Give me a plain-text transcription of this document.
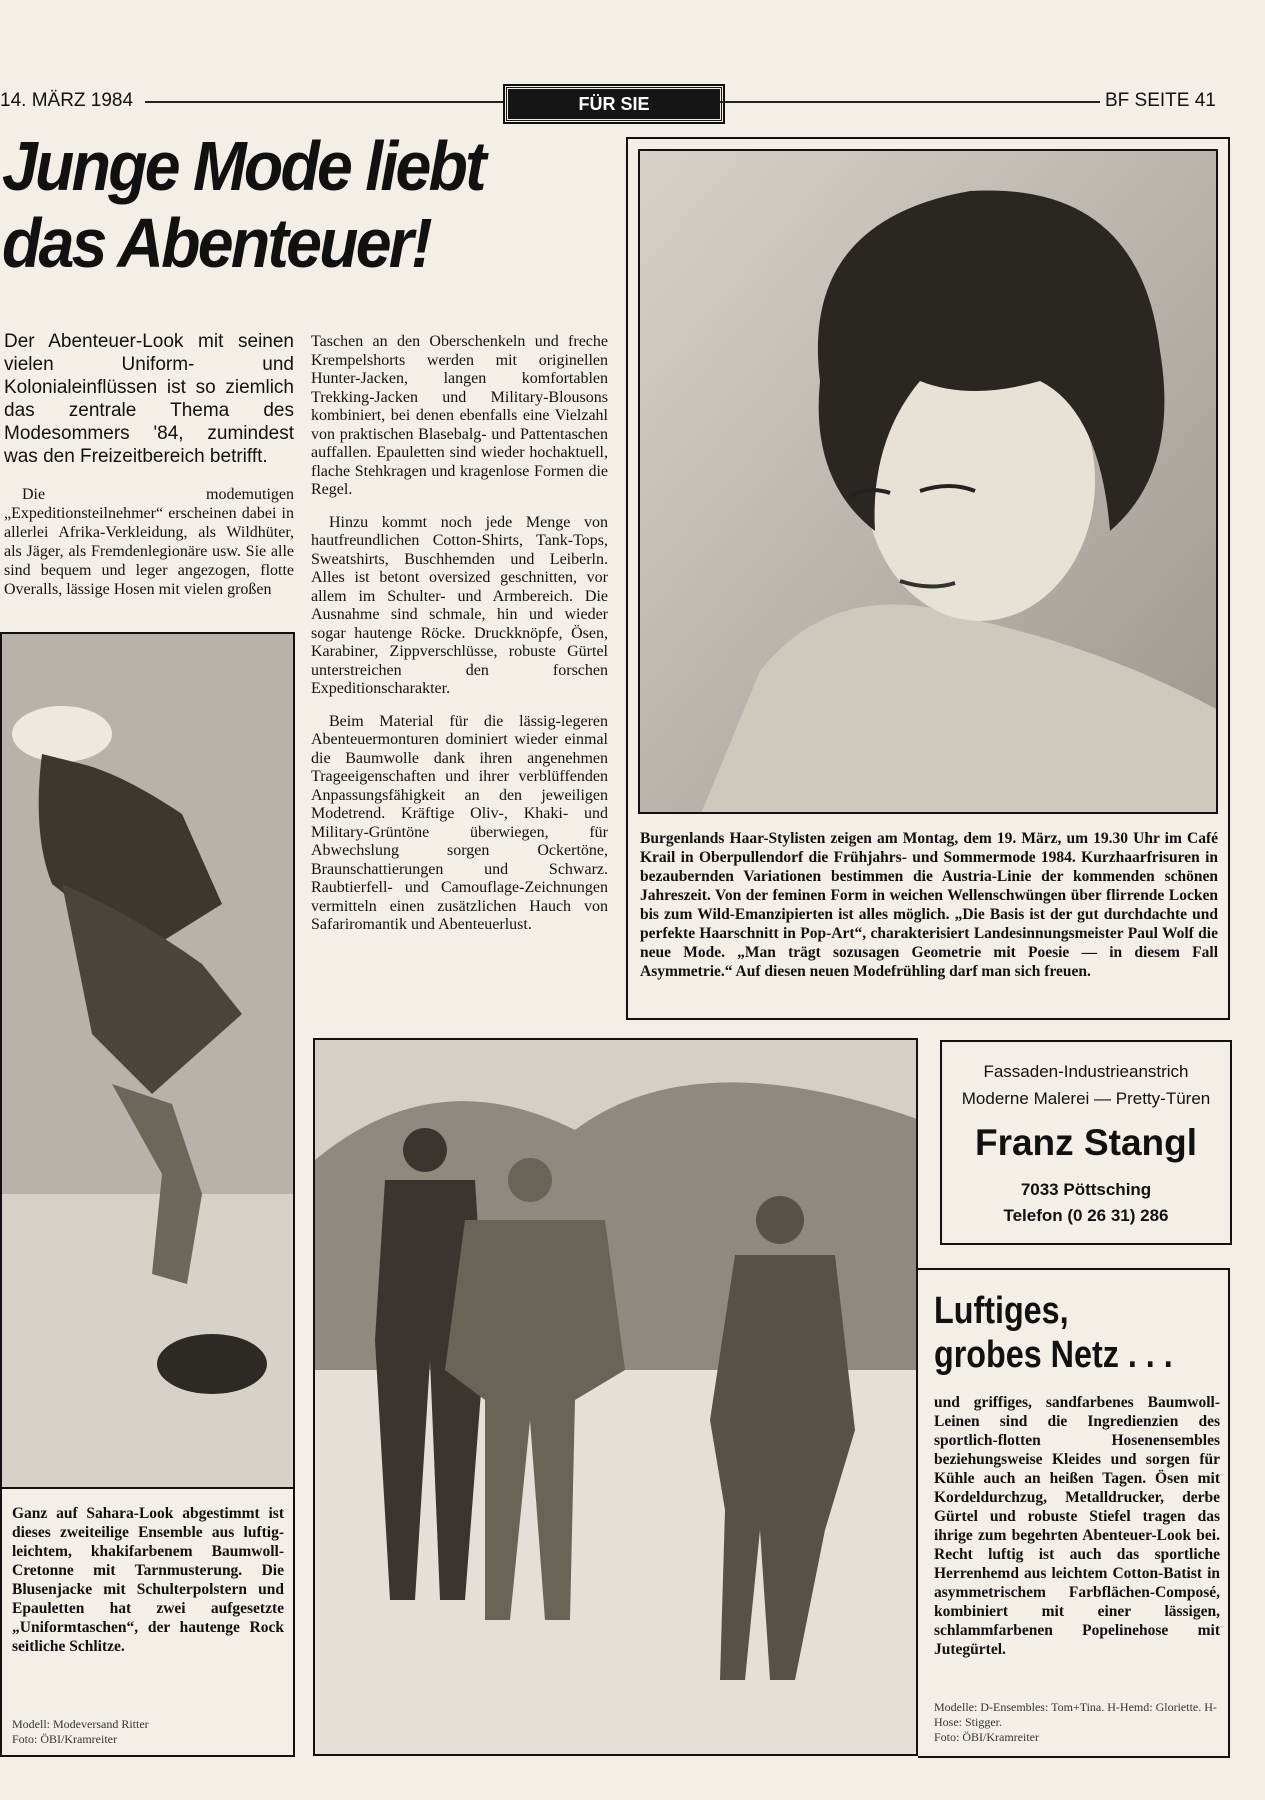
14. MÄRZ 1984	FÜR SIE	BF SEITE 41
Junge Mode liebt
das Abenteuer!

Der Abenteuer-Look mit seinen vielen Uniform- und Kolonialeinflüssen ist so ziemlich das zentrale Thema des Modesommers '84, zumindest was den Freizeitbereich betrifft.

Die modemutigen „Expeditionsteilnehmer“ erscheinen dabei in allerlei Afrika-Verkleidung, als Wildhüter, als Jäger, als Fremdenlegionäre usw. Sie alle sind bequem und leger angezogen, flotte Overalls, lässige Hosen mit vielen großen

Taschen an den Oberschenkeln und freche Krempelshorts werden mit originellen Hunter-Jacken, langen komfortablen Trekking-Jacken und Military-Blousons kombiniert, bei denen ebenfalls eine Vielzahl von praktischen Blasebalg- und Pattentaschen auffallen. Epauletten sind wieder hochaktuell, flache Stehkragen und kragenlose Formen die Regel.

Hinzu kommt noch jede Menge von hautfreundlichen Cotton-Shirts, Tank-Tops, Sweatshirts, Buschhemden und Leiberln. Alles ist betont oversized geschnitten, vor allem im Schulter- und Armbereich. Die Ausnahme sind schmale, hin und wieder sogar hautenge Röcke. Druckknöpfe, Ösen, Karabiner, Zippverschlüsse, robuste Gürtel unterstreichen den forschen Expeditionscharakter.

Beim Material für die lässig-legeren Abenteuermonturen dominiert wieder einmal die Baumwolle dank ihren angenehmen Trageeigenschaften und ihrer verblüffenden Anpassungsfähigkeit an den jeweiligen Modetrend. Kräftige Oliv-, Khaki- und Military-Grüntöne überwiegen, für Abwechslung sorgen Ockertöne, Braunschattierungen und Schwarz. Raubtierfell- und Camouflage-Zeichnungen vermitteln einen zusätzlichen Hauch von Safariromantik und Abenteuerlust.

Burgenlands Haar-Stylisten zeigen am Montag, dem 19. März, um 19.30 Uhr im Café Krail in Oberpullendorf die Frühjahrs- und Sommermode 1984. Kurzhaarfrisuren in bezaubernden Variationen bestimmen die Austria-Linie der kommenden schönen Jahreszeit. Von der feminen Form in weichen Wellenschwüngen über flirrende Locken bis zum Wild-Emanzipierten ist alles möglich. „Die Basis ist der gut durchdachte und perfekte Haarschnitt in Pop-Art“, charakterisiert Landesinnungsmeister Paul Wolf die neue Mode. „Man trägt sozusagen Geometrie mit Poesie — in diesem Fall Asymmetrie.“ Auf diesen neuen Modefrühling darf man sich freuen.
Ganz auf Sahara-Look abgestimmt ist dieses zweiteilige Ensemble aus luftig-leichtem, khakifarbenem Baumwoll-Cretonne mit Tarnmusterung. Die Blusenjacke mit Schulterpolstern und Epauletten hat zwei aufgesetzte „Uniformtaschen“, der hautenge Rock seitliche Schlitze.
Modell: Modeversand Ritter
Foto: ÖBI/Kramreiter
Fassaden-Industrieanstrich
Moderne Malerei — Pretty-Türen
Franz Stangl
7033 Pöttsching
Telefon (0 26 31) 286
Luftiges,
grobes Netz . . .
und griffiges, sandfarbenes Baumwoll-Leinen sind die Ingredienzien des sportlich-flotten Hosenensembles beziehungsweise Kleides und sorgen für Kühle auch an heißen Tagen. Ösen mit Kordeldurchzug, Metalldrucker, derbe Gürtel und robuste Stiefel tragen das ihrige zum begehrten Abenteuer-Look bei. Recht luftig ist auch das sportliche Herrenhemd aus leichtem Cotton-Batist in asymmetrischem Farbflächen-Composé, kombiniert mit einer lässigen, schlammfarbenen Popelinehose mit Jutegürtel.
Modelle: D-Ensembles: Tom+Tina. H-Hemd: Gloriette. H-Hose: Stigger.
Foto: ÖBI/Kramreiter
